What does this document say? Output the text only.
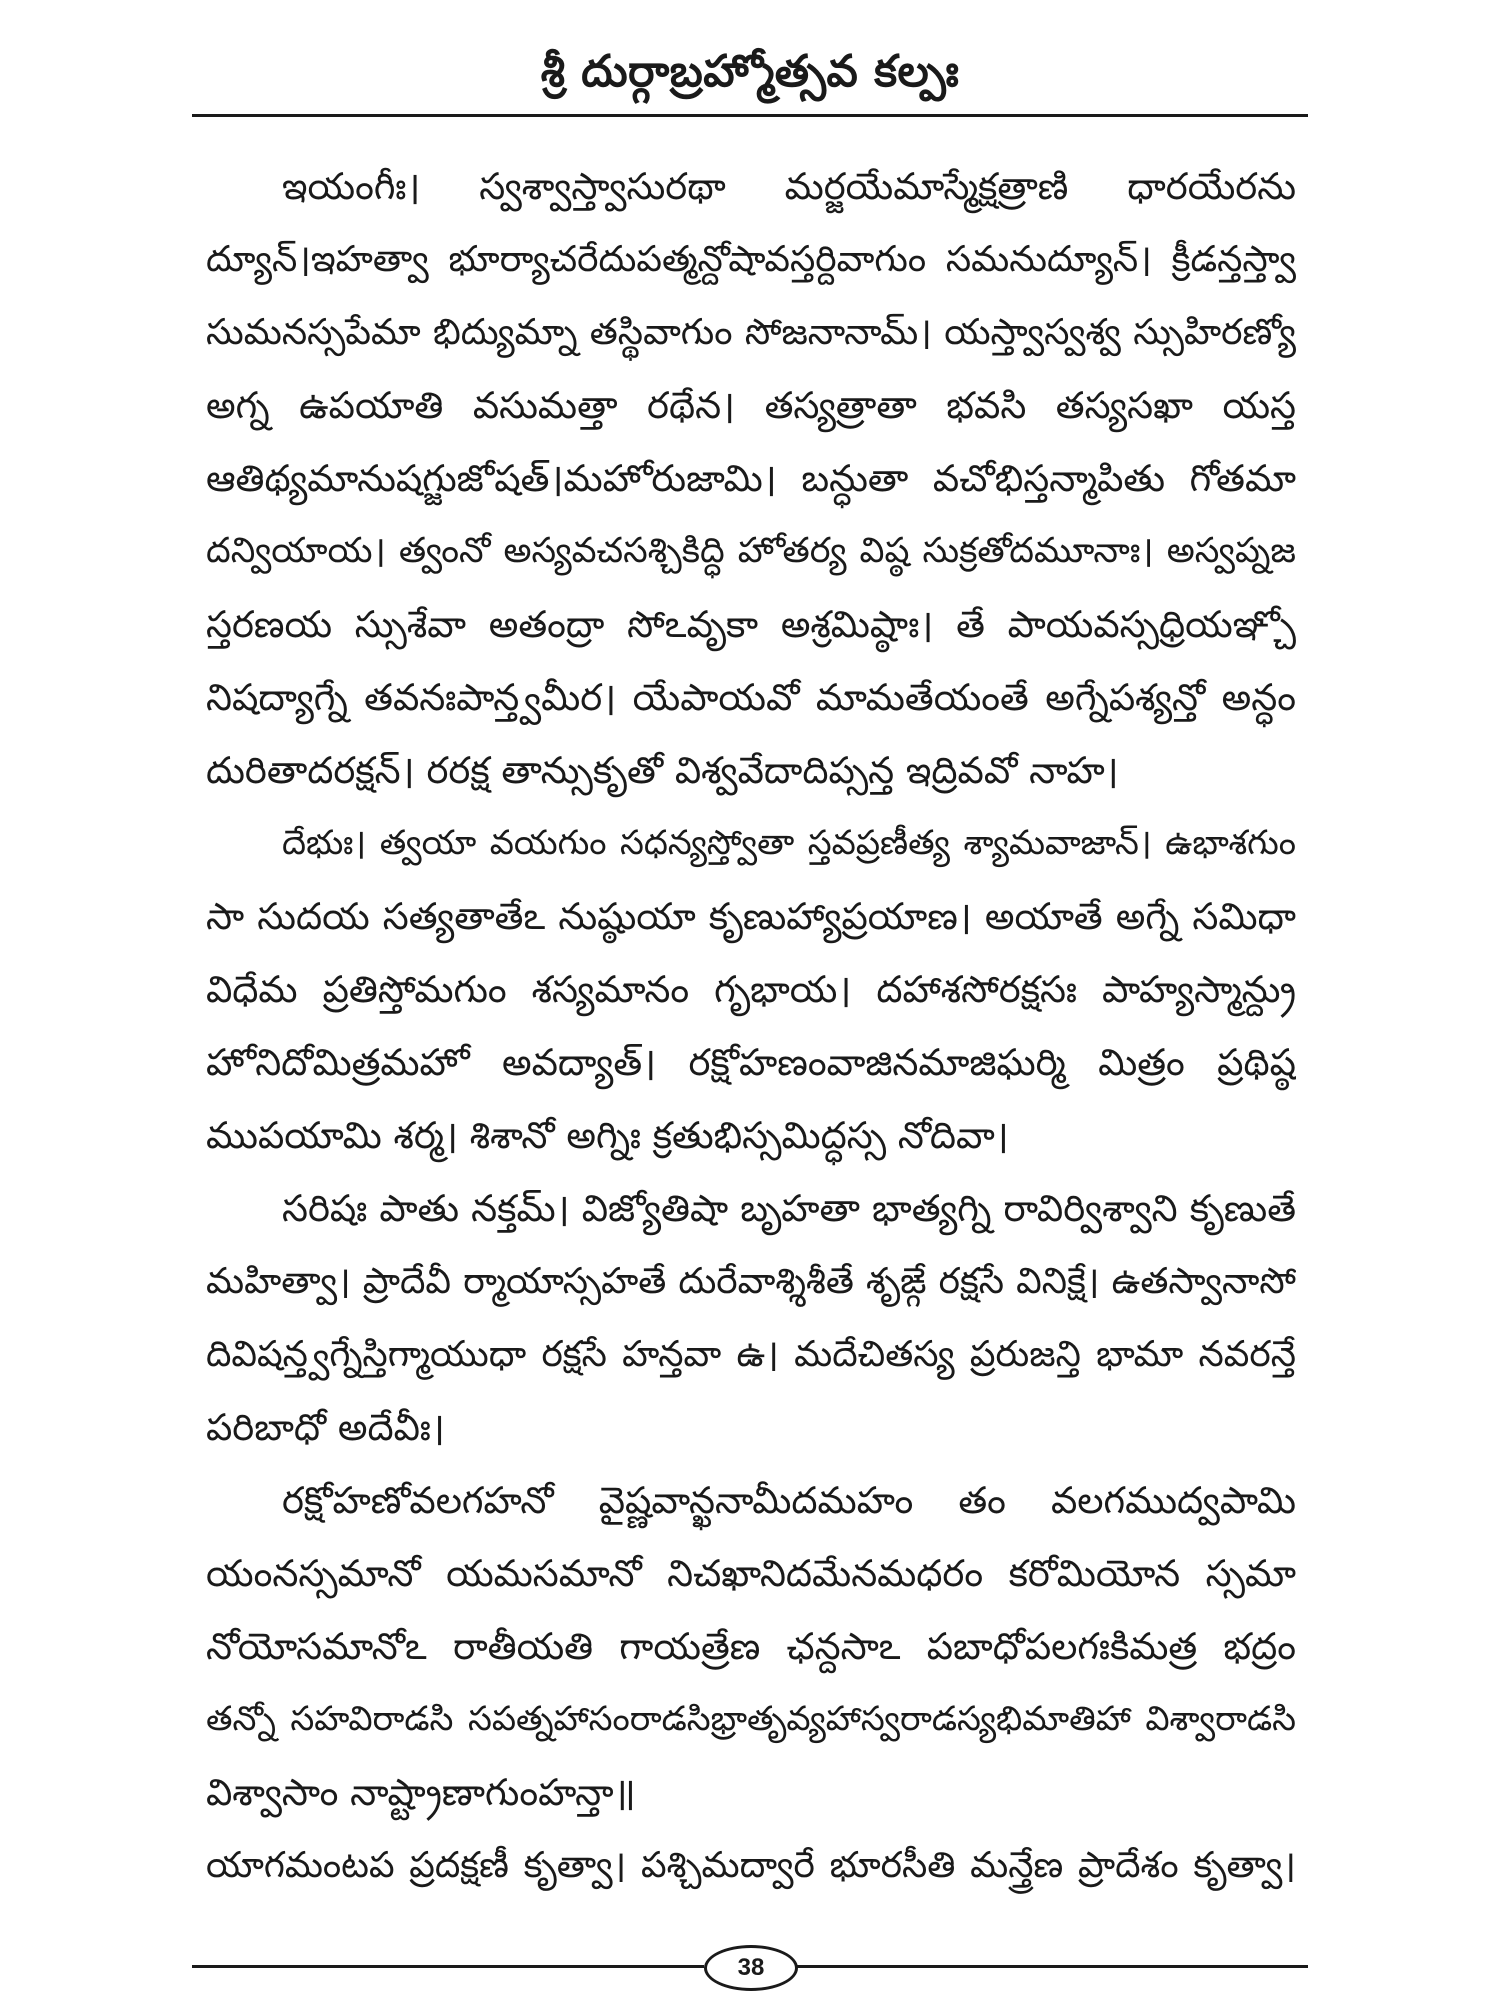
శ్రీ దుర్గాబ్రహ్మోత్సవ కల్పః
ఇయంగీః। స్వశ్వాస్త్వాసురథా మర్జయేమాస్మేక్షత్రాణి ధారయేరను
ద్యూన్।ఇహత్వా భూర్యాచరేదుపత్మన్దోషావస్తర్దివాగుం సమనుద్యూన్। క్రీడన్తస్త్వా
సుమనస్సపేమా భిద్యుమ్నా తస్థివాగుం సోజనానామ్। యస్త్వాస్వశ్వ స్సుహిరణ్యో
అగ్న ఉపయాతి వసుమత్తా రథేన। తస్యత్రాతా భవసి తస్యసఖా యస్త
ఆతిథ్యమానుషగ్జుజోషత్।మహోరుజామి। బన్ధుతా వచోభిస్తన్మాపితు గోతమా
దన్వియాయ। త్వంనో అస్యవచసశ్చికిద్ధి హోతర్య విష్ఠ సుక్రతోదమూనాః। అస్వప్నజ
స్తరణయ స్సుశేవా అతంద్రా సోఽవృకా అశ్రమిష్ఠాః। తే పాయవస్సధ్రియఞ్చో
నిషద్యాగ్నే తవనఃపాన్త్వమీర। యేపాయవో మామతేయంతే అగ్నేపశ్యన్తో అన్ధం
దురితాదరక్షన్। రరక్ష తాన్సుకృతో విశ్వవేదాదిప్సన్త ఇద్రివవో నాహ।
దేభుః। త్వయా వయగుం సధన్యస్త్వోతా స్తవప్రణీత్య శ్యామవాజాన్। ఉభాశగుం
సా సుదయ సత్యతాతేఽ నుష్ఠుయా కృణుహ్యాప్రయాణ। అయాతే అగ్నే సమిధా
విధేమ ప్రతిస్తోమగుం శస్యమానం గృభాయ। దహాశసోరక్షసః పాహ్యస్మాన్ద్రు
హోనిదోమిత్రమహో అవద్యాత్। రక్షోహణంవాజినమాజిఘర్మి మిత్రం ప్రథిష్ఠ
ముపయామి శర్మ। శిశానో అగ్నిః క్రతుభిస్సమిద్ధస్స నోదివా।
సరిషః పాతు నక్తమ్। విజ్యోతిషా బృహతా భాత్యగ్ని రావిర్విశ్వాని కృణుతే
మహిత్వా। ప్రాదేవీ ర్మాయాస్సహతే దురేవాశ్శిశీతే శృఙ్గే రక్షసే వినిక్షే। ఉతస్వానాసో
దివిషన్త్వగ్నేస్తిగ్మాయుధా రక్షసే హన్తవా ఉ। మదేచితస్య ప్రరుజన్తి భామా నవరన్తే
పరిబాధో అదేవీః।
రక్షోహణోవలగహనో వైష్ణవాన్ఖనామీదమహం తం వలగముద్వపామి
యంనస్సమానో యమసమానో నిచఖానిదమేనమధరం కరోమియోన స్సమా
నోయోసమానోఽ రాతీయతి గాయత్రేణ ఛన్దసాఽ పబాధోపలగఃకిమత్ర భద్రం
తన్నో సహవిరాడసి సపత్నహాసంరాడసిభ్రాతృవ్యహాస్వరాడస్యభిమాతిహా విశ్వారాడసి
విశ్వాసాం నాష్ట్రాణాగుంహన్తా॥
యాగమంటప ప్రదక్షణీ కృత్వా। పశ్చిమద్వారే భూరసీతి మన్త్రేణ ప్రాదేశం కృత్వా।
38
